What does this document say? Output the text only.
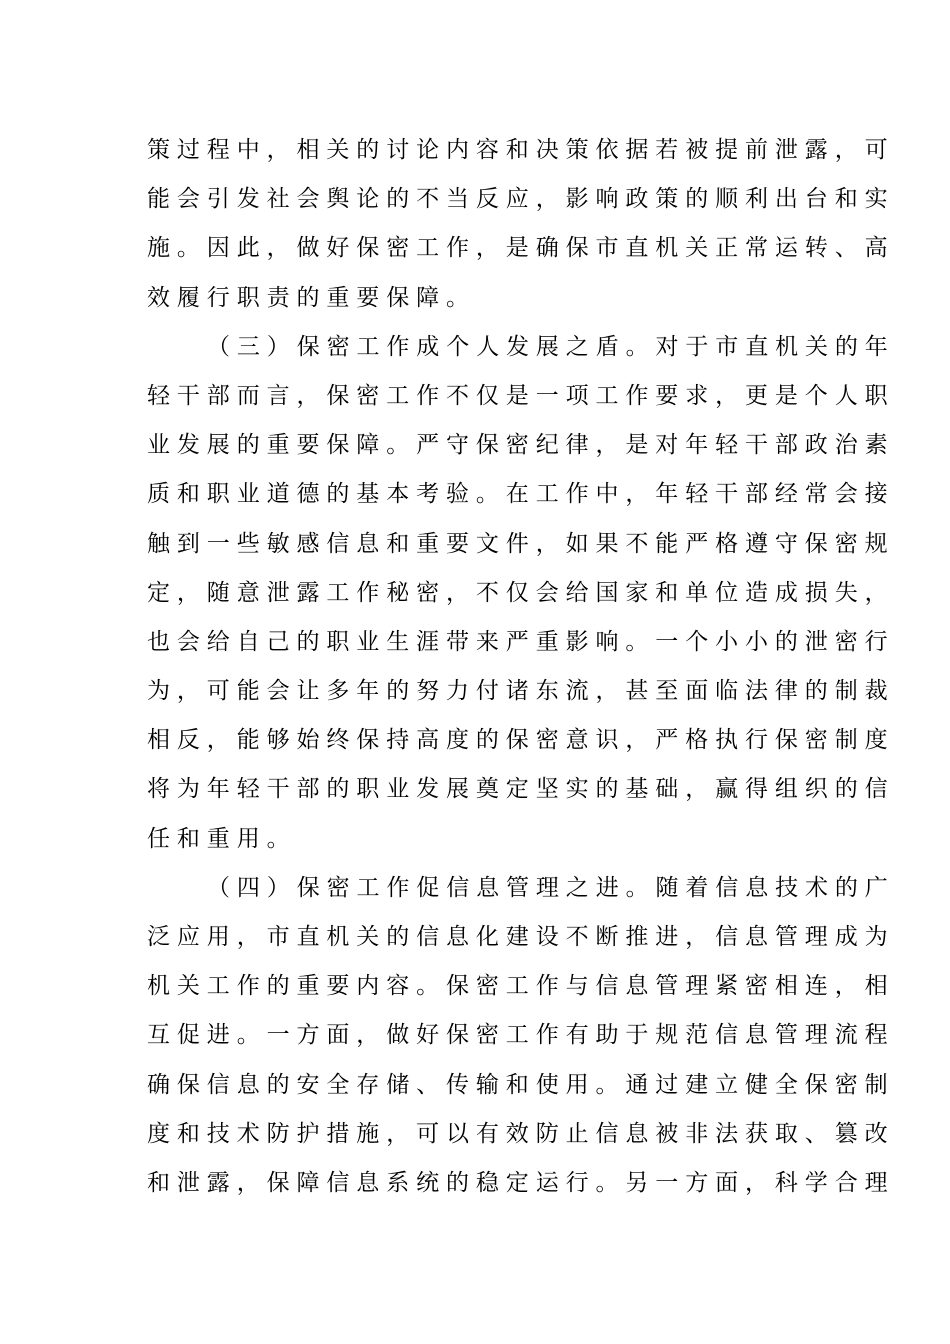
策过程中，相关的讨论内容和决策依据若被提前泄露，可
能会引发社会舆论的不当反应，影响政策的顺利出台和实
施。因此，做好保密工作，是确保市直机关正常运转、高
效履行职责的重要保障。
（三）保密工作成个人发展之盾。对于市直机关的年
轻干部而言，保密工作不仅是一项工作要求，更是个人职
业发展的重要保障。严守保密纪律，是对年轻干部政治素
质和职业道德的基本考验。在工作中，年轻干部经常会接
触到一些敏感信息和重要文件，如果不能严格遵守保密规
定，随意泄露工作秘密，不仅会给国家和单位造成损失，
也会给自己的职业生涯带来严重影响。一个小小的泄密行
为，可能会让多年的努力付诸东流，甚至面临法律的制裁
相反，能够始终保持高度的保密意识，严格执行保密制度
将为年轻干部的职业发展奠定坚实的基础，赢得组织的信
任和重用。
（四）保密工作促信息管理之进。随着信息技术的广
泛应用，市直机关的信息化建设不断推进，信息管理成为
机关工作的重要内容。保密工作与信息管理紧密相连，相
互促进。一方面，做好保密工作有助于规范信息管理流程
确保信息的安全存储、传输和使用。通过建立健全保密制
度和技术防护措施，可以有效防止信息被非法获取、篡改
和泄露，保障信息系统的稳定运行。另一方面，科学合理
